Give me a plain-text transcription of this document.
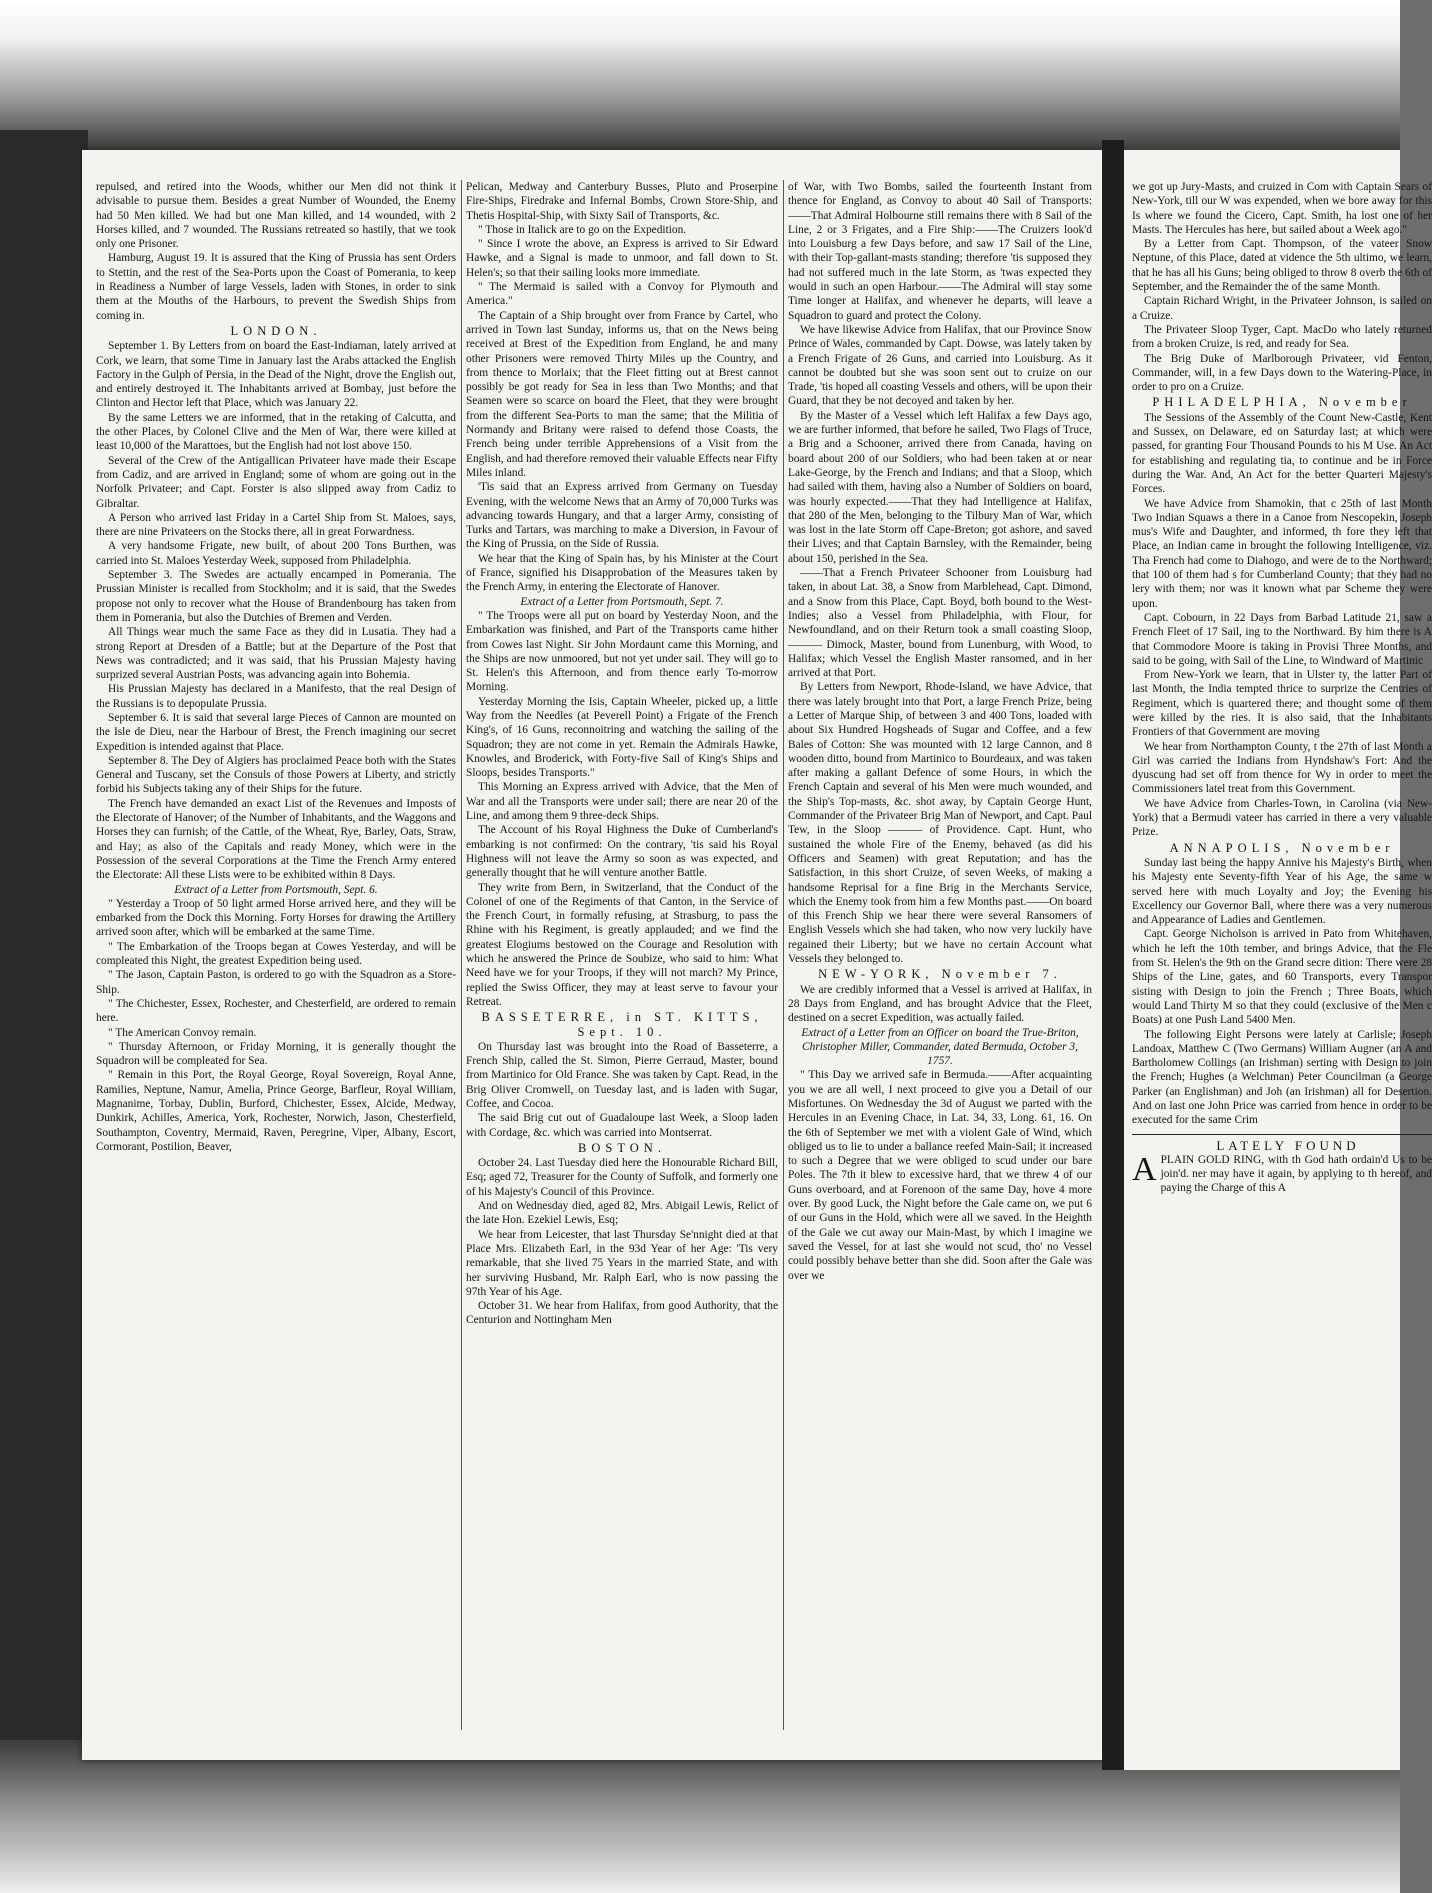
repulsed, and retired into the Woods, whither our Men did not think it advisable to pursue them. Besides a great Number of Wounded, the Enemy had 50 Men killed. We had but one Man killed, and 14 wounded, with 2 Horses killed, and 7 wounded. The Russians retreated so hastily, that we took only one Prisoner.

Hamburg, August 19. It is assured that the King of Prussia has sent Orders to Stettin, and the rest of the Sea-Ports upon the Coast of Pomerania, to keep in Readiness a Number of large Vessels, laden with Stones, in order to sink them at the Mouths of the Harbours, to prevent the Swedish Ships from coming in.

LONDON.

September 1. By Letters from on board the East-Indiaman, lately arrived at Cork, we learn, that some Time in January last the Arabs attacked the English Factory in the Gulph of Persia, in the Dead of the Night, drove the English out, and entirely destroyed it. The Inhabitants arrived at Bombay, just before the Clinton and Hector left that Place, which was January 22.

By the same Letters we are informed, that in the retaking of Calcutta, and the other Places, by Colonel Clive and the Men of War, there were killed at least 10,000 of the Marattoes, but the English had not lost above 150.

Several of the Crew of the Antigallican Privateer have made their Escape from Cadiz, and are arrived in England; some of whom are going out in the Norfolk Privateer; and Capt. Forster is also slipped away from Cadiz to Gibraltar.

A Person who arrived last Friday in a Cartel Ship from St. Maloes, says, there are nine Privateers on the Stocks there, all in great Forwardness.

A very handsome Frigate, new built, of about 200 Tons Burthen, was carried into St. Maloes Yesterday Week, supposed from Philadelphia.

September 3. The Swedes are actually encamped in Pomerania. The Prussian Minister is recalled from Stockholm; and it is said, that the Swedes propose not only to recover what the House of Brandenbourg has taken from them in Pomerania, but also the Dutchies of Bremen and Verden.

All Things wear much the same Face as they did in Lusatia. They had a strong Report at Dresden of a Battle; but at the Departure of the Post that News was contradicted; and it was said, that his Prussian Majesty having surprized several Austrian Posts, was advancing again into Bohemia.

His Prussian Majesty has declared in a Manifesto, that the real Design of the Russians is to depopulate Prussia.

September 6. It is said that several large Pieces of Cannon are mounted on the Isle de Dieu, near the Harbour of Brest, the French imagining our secret Expedition is intended against that Place.

September 8. The Dey of Algiers has proclaimed Peace both with the States General and Tuscany, set the Consuls of those Powers at Liberty, and strictly forbid his Subjects taking any of their Ships for the future.

The French have demanded an exact List of the Revenues and Imposts of the Electorate of Hanover; of the Number of Inhabitants, and the Waggons and Horses they can furnish; of the Cattle, of the Wheat, Rye, Barley, Oats, Straw, and Hay; as also of the Capitals and ready Money, which were in the Possession of the several Corporations at the Time the French Army entered the Electorate: All these Lists were to be exhibited within 8 Days.

Extract of a Letter from Portsmouth, Sept. 6.

" Yesterday a Troop of 50 light armed Horse arrived here, and they will be embarked from the Dock this Morning. Forty Horses for drawing the Artillery arrived soon after, which will be embarked at the same Time.

" The Embarkation of the Troops began at Cowes Yesterday, and will be compleated this Night, the greatest Expedition being used.

" The Jason, Captain Paston, is ordered to go with the Squadron as a Store-Ship.

" The Chichester, Essex, Rochester, and Chesterfield, are ordered to remain here.

" The American Convoy remain.

" Thursday Afternoon, or Friday Morning, it is generally thought the Squadron will be compleated for Sea.

" Remain in this Port, the Royal George, Royal Sovereign, Royal Anne, Ramilies, Neptune, Namur, Amelia, Prince George, Barfleur, Royal William, Magnanime, Torbay, Dublin, Burford, Chichester, Essex, Alcide, Medway, Dunkirk, Achilles, America, York, Rochester, Norwich, Jason, Chesterfield, Southampton, Coventry, Mermaid, Raven, Peregrine, Viper, Albany, Escort, Cormorant, Postilion, Beaver,

Pelican, Medway and Canterbury Busses, Pluto and Proserpine Fire-Ships, Firedrake and Infernal Bombs, Crown Store-Ship, and Thetis Hospital-Ship, with Sixty Sail of Transports, &c.

" Those in Italick are to go on the Expedition.

" Since I wrote the above, an Express is arrived to Sir Edward Hawke, and a Signal is made to unmoor, and fall down to St. Helen's; so that their sailing looks more immediate.

" The Mermaid is sailed with a Convoy for Plymouth and America."

The Captain of a Ship brought over from France by Cartel, who arrived in Town last Sunday, informs us, that on the News being received at Brest of the Expedition from England, he and many other Prisoners were removed Thirty Miles up the Country, and from thence to Morlaix; that the Fleet fitting out at Brest cannot possibly be got ready for Sea in less than Two Months; and that Seamen were so scarce on board the Fleet, that they were brought from the different Sea-Ports to man the same; that the Militia of Normandy and Britany were raised to defend those Coasts, the French being under terrible Apprehensions of a Visit from the English, and had therefore removed their valuable Effects near Fifty Miles inland.

'Tis said that an Express arrived from Germany on Tuesday Evening, with the welcome News that an Army of 70,000 Turks was advancing towards Hungary, and that a larger Army, consisting of Turks and Tartars, was marching to make a Diversion, in Favour of the King of Prussia, on the Side of Russia.

We hear that the King of Spain has, by his Minister at the Court of France, signified his Disapprobation of the Measures taken by the French Army, in entering the Electorate of Hanover.

Extract of a Letter from Portsmouth, Sept. 7.

" The Troops were all put on board by Yesterday Noon, and the Embarkation was finished, and Part of the Transports came hither from Cowes last Night. Sir John Mordaunt came this Morning, and the Ships are now unmoored, but not yet under sail. They will go to St. Helen's this Afternoon, and from thence early To-morrow Morning.

Yesterday Morning the Isis, Captain Wheeler, picked up, a little Way from the Needles (at Peverell Point) a Frigate of the French King's, of 16 Guns, reconnoitring and watching the sailing of the Squadron; they are not come in yet. Remain the Admirals Hawke, Knowles, and Broderick, with Forty-five Sail of King's Ships and Sloops, besides Transports."

This Morning an Express arrived with Advice, that the Men of War and all the Transports were under sail; there are near 20 of the Line, and among them 9 three-deck Ships.

The Account of his Royal Highness the Duke of Cumberland's embarking is not confirmed: On the contrary, 'tis said his Royal Highness will not leave the Army so soon as was expected, and generally thought that he will venture another Battle.

They write from Bern, in Switzerland, that the Conduct of the Colonel of one of the Regiments of that Canton, in the Service of the French Court, in formally refusing, at Strasburg, to pass the Rhine with his Regiment, is greatly applauded; and we find the greatest Elogiums bestowed on the Courage and Resolution with which he answered the Prince de Soubize, who said to him: What Need have we for your Troops, if they will not march? My Prince, replied the Swiss Officer, they may at least serve to favour your Retreat.

BASSETERRE, in ST. KITTS, Sept. 10.

On Thursday last was brought into the Road of Basseterre, a French Ship, called the St. Simon, Pierre Gerraud, Master, bound from Martinico for Old France. She was taken by Capt. Read, in the Brig Oliver Cromwell, on Tuesday last, and is laden with Sugar, Coffee, and Cocoa.

The said Brig cut out of Guadaloupe last Week, a Sloop laden with Cordage, &c. which was carried into Montserrat.

BOSTON.

October 24. Last Tuesday died here the Honourable Richard Bill, Esq; aged 72, Treasurer for the County of Suffolk, and formerly one of his Majesty's Council of this Province.

And on Wednesday died, aged 82, Mrs. Abigail Lewis, Relict of the late Hon. Ezekiel Lewis, Esq;

We hear from Leicester, that last Thursday Se'nnight died at that Place Mrs. Elizabeth Earl, in the 93d Year of her Age: 'Tis very remarkable, that she lived 75 Years in the married State, and with her surviving Husband, Mr. Ralph Earl, who is now passing the 97th Year of his Age.

October 31. We hear from Halifax, from good Authority, that the Centurion and Nottingham Men

of War, with Two Bombs, sailed the fourteenth Instant from thence for England, as Convoy to about 40 Sail of Transports:——That Admiral Holbourne still remains there with 8 Sail of the Line, 2 or 3 Frigates, and a Fire Ship:——The Cruizers look'd into Louisburg a few Days before, and saw 17 Sail of the Line, with their Top-gallant-masts standing; therefore 'tis supposed they had not suffered much in the late Storm, as 'twas expected they would in such an open Harbour.——The Admiral will stay some Time longer at Halifax, and whenever he departs, will leave a Squadron to guard and protect the Colony.

We have likewise Advice from Halifax, that our Province Snow Prince of Wales, commanded by Capt. Dowse, was lately taken by a French Frigate of 26 Guns, and carried into Louisburg. As it cannot be doubted but she was soon sent out to cruize on our Trade, 'tis hoped all coasting Vessels and others, will be upon their Guard, that they be not decoyed and taken by her.

By the Master of a Vessel which left Halifax a few Days ago, we are further informed, that before he sailed, Two Flags of Truce, a Brig and a Schooner, arrived there from Canada, having on board about 200 of our Soldiers, who had been taken at or near Lake-George, by the French and Indians; and that a Sloop, which had sailed with them, having also a Number of Soldiers on board, was hourly expected.——That they had Intelligence at Halifax, that 280 of the Men, belonging to the Tilbury Man of War, which was lost in the late Storm off Cape-Breton; got ashore, and saved their Lives; and that Captain Barnsley, with the Remainder, being about 150, perished in the Sea.

——That a French Privateer Schooner from Louisburg had taken, in about Lat. 38, a Snow from Marblehead, Capt. Dimond, and a Snow from this Place, Capt. Boyd, both bound to the West-Indies; also a Vessel from Philadelphia, with Flour, for Newfoundland, and on their Return took a small coasting Sloop, ——— Dimock, Master, bound from Lunenburg, with Wood, to Halifax; which Vessel the English Master ransomed, and in her arrived at that Port.

By Letters from Newport, Rhode-Island, we have Advice, that there was lately brought into that Port, a large French Prize, being a Letter of Marque Ship, of between 3 and 400 Tons, loaded with about Six Hundred Hogsheads of Sugar and Coffee, and a few Bales of Cotton: She was mounted with 12 large Cannon, and 8 wooden ditto, bound from Martinico to Bourdeaux, and was taken after making a gallant Defence of some Hours, in which the French Captain and several of his Men were much wounded, and the Ship's Top-masts, &c. shot away, by Captain George Hunt, Commander of the Privateer Brig Man of Newport, and Capt. Paul Tew, in the Sloop ——— of Providence. Capt. Hunt, who sustained the whole Fire of the Enemy, behaved (as did his Officers and Seamen) with great Reputation; and has the Satisfaction, in this short Cruize, of seven Weeks, of making a handsome Reprisal for a fine Brig in the Merchants Service, which the Enemy took from him a few Months past.——On board of this French Ship we hear there were several Ransomers of English Vessels which she had taken, who now very luckily have regained their Liberty; but we have no certain Account what Vessels they belonged to.

NEW-YORK, November 7.

We are credibly informed that a Vessel is arrived at Halifax, in 28 Days from England, and has brought Advice that the Fleet, destined on a secret Expedition, was actually failed.

Extract of a Letter from an Officer on board the True-Briton, Christopher Miller, Commander, dated Bermuda, October 3, 1757.

" This Day we arrived safe in Bermuda.——After acquainting you we are all well, I next proceed to give you a Detail of our Misfortunes. On Wednesday the 3d of August we parted with the Hercules in an Evening Chace, in Lat. 34, 33, Long. 61, 16. On the 6th of September we met with a violent Gale of Wind, which obliged us to lie to under a ballance reefed Main-Sail; it increased to such a Degree that we were obliged to scud under our bare Poles. The 7th it blew to excessive hard, that we threw 4 of our Guns overboard, and at Forenoon of the same Day, hove 4 more over. By good Luck, the Night before the Gale came on, we put 6 of our Guns in the Hold, which were all we saved. In the Heighth of the Gale we cut away our Main-Mast, by which I imagine we saved the Vessel, for at last she would not scud, tho' no Vessel could possibly behave better than she did. Soon after the Gale was over we

we got up Jury-Masts, and cruized in Com with Captain Sears of New-York, till our W was expended, when we bore away for this Is where we found the Cicero, Capt. Smith, ha lost one of her Masts. The Hercules has here, but sailed about a Week ago."

By a Letter from Capt. Thompson, of the vateer Snow Neptune, of this Place, dated at vidence the 5th ultimo, we learn, that he has all his Guns; being obliged to throw 8 overb the 6th of September, and the Remainder the of the same Month.

Captain Richard Wright, in the Privateer Johnson, is sailed on a Cruize.

The Privateer Sloop Tyger, Capt. MacDo who lately returned from a broken Cruize, is red, and ready for Sea.

The Brig Duke of Marlborough Privateer, vid Fenton, Commander, will, in a few Days down to the Watering-Place, in order to pro on a Cruize.

PHILADELPHIA, November

The Sessions of the Assembly of the Count New-Castle, Kent and Sussex, on Delaware, ed on Saturday last; at which were passed, for granting Four Thousand Pounds to his M Use. An Act for establishing and regulating tia, to continue and be in Force during the War. And, An Act for the better Quarteri Majesty's Forces.

We have Advice from Shamokin, that c 25th of last Month Two Indian Squaws a there in a Canoe from Nescopekin, Joseph mus's Wife and Daughter, and informed, th fore they left that Place, an Indian came in brought the following Intelligence, viz. Tha French had come to Diahogo, and were de to the Northward; that 100 of them had s for Cumberland County; that they had no lery with them; nor was it known what par Scheme they were upon.

Capt. Cobourn, in 22 Days from Barbad Latitude 21, saw a French Fleet of 17 Sail, ing to the Northward. By him there is A that Commodore Moore is taking in Provisi Three Months, and said to be going, with Sail of the Line, to Windward of Martinic

From New-York we learn, that in Ulster ty, the latter Part of last Month, the India tempted thrice to surprize the Centries of Regiment, which is quartered there; and thought some of them were killed by the ries. It is also said, that the Inhabitants Frontiers of that Government are moving

We hear from Northampton County, t the 27th of last Month a Girl was carried the Indians from Hyndshaw's Fort: And the dyuscung had set off from thence for Wy in order to meet the Commissioners latel treat from this Government.

We have Advice from Charles-Town, in Carolina (via New-York) that a Bermudi vateer has carried in there a very valuable Prize.

ANNAPOLIS, November

Sunday last being the happy Annive his Majesty's Birth, when his Majesty ente Seventy-fifth Year of his Age, the same w served here with much Loyalty and Joy; the Evening his Excellency our Governor Ball, where there was a very numerous and Appearance of Ladies and Gentlemen.

Capt. George Nicholson is arrived in Pato from Whitehaven, which he left the 10th tember, and brings Advice, that the Fle from St. Helen's the 9th on the Grand secre dition: There were 28 Ships of the Line, gates, and 60 Transports, every Transpor sisting with Design to join the French ; Three Boats, which would Land Thirty M so that they could (exclusive of the Men c Boats) at one Push Land 5400 Men.

The following Eight Persons were lately at Carlisle; Joseph Landoax, Matthew C (Two Germans) William Augner (an A and Bartholomew Collings (an Irishman) serting with Design to join the French; Hughes (a Welchman) Peter Councilman (a George Parker (an Englishman) and Joh (an Irishman) all for Desertion. And on last one John Price was carried from hence in order to be executed for the same Crim

LATELY FOUND

A PLAIN GOLD RING, with th God hath ordain'd Us to be join'd. ner may have it again, by applying to th hereof, and paying the Charge of this A
